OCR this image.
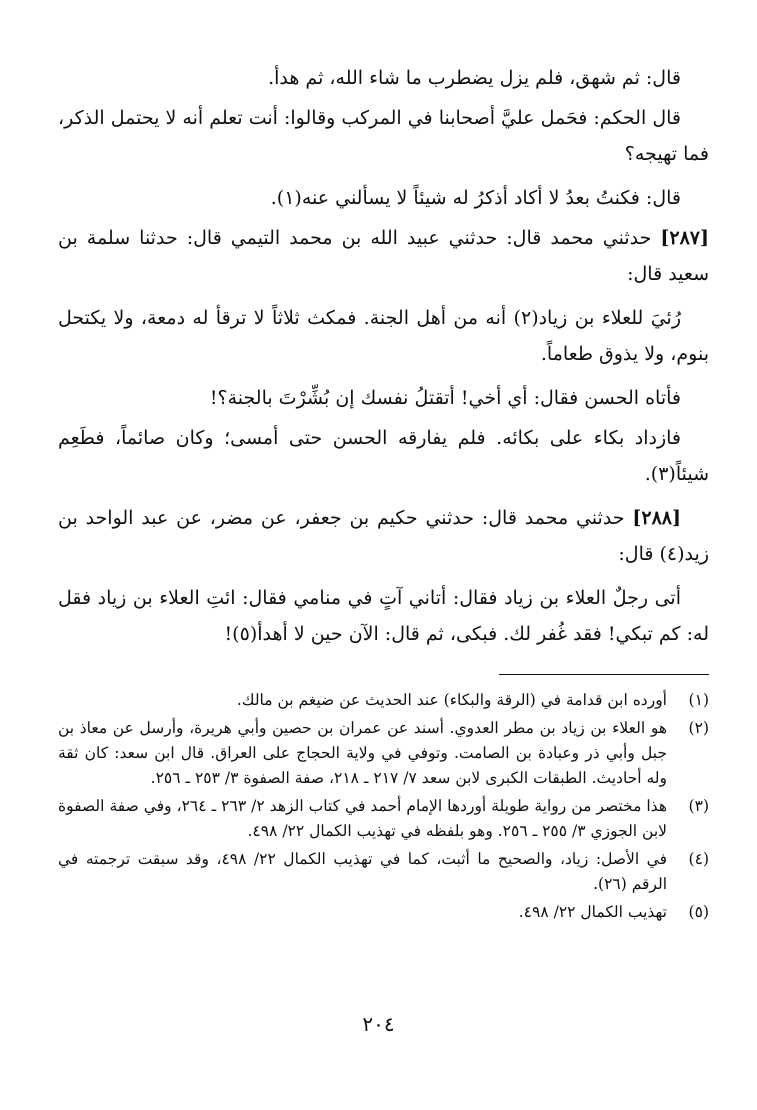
قال: ثم شهق، فلم يزل يضطرب ما شاء الله، ثم هدأ.

قال الحكم: فحَمل عليَّ أصحابنا في المركب وقالوا: أنت تعلم أنه لا يحتمل الذكر، فما تهيجه؟

قال: فكنتُ بعدُ لا أكاد أذكرُ له شيئاً لا يسألني عنه(١).

[٢٨٧] حدثني محمد قال: حدثني عبيد الله بن محمد التيمي قال: حدثنا سلمة بن سعيد قال:

رُئيَ للعلاء بن زياد(٢) أنه من أهل الجنة. فمكث ثلاثاً لا ترقأ له دمعة، ولا يكتحل بنوم، ولا يذوق طعاماً.

فأتاه الحسن فقال: أي أخي! أتقتلُ نفسك إن بُشِّرْتَ بالجنة؟!

فازداد بكاء على بكائه. فلم يفارقه الحسن حتى أمسى؛ وكان صائماً، فطَعِم شيئاً(٣).

[٢٨٨] حدثني محمد قال: حدثني حكيم بن جعفر، عن مضر، عن عبد الواحد بن زيد(٤) قال:

أتى رجلٌ العلاء بن زياد فقال: أتاني آتٍ في منامي فقال: ائتِ العلاء بن زياد فقل له: كم تبكي! فقد غُفر لك. فبكى، ثم قال: الآن حين لا أهدأ(٥)!

(١)
أورده ابن قدامة في (الرقة والبكاء) عند الحديث عن ضيغم بن مالك.
(٢)
هو العلاء بن زياد بن مطر العدوي. أسند عن عمران بن حصين وأبي هريرة، وأرسل عن معاذ بن جبل وأبي ذر وعبادة بن الصامت. وتوفي في ولاية الحجاج على العراق. قال ابن سعد: كان ثقة وله أحاديث. الطبقات الكبرى لابن سعد ٧/ ٢١٧ ـ ٢١٨، صفة الصفوة ٣/ ٢٥٣ ـ ٢٥٦.
(٣)
هذا مختصر من رواية طويلة أوردها الإمام أحمد في كتاب الزهد ٢/ ٢٦٣ ـ ٢٦٤، وفي صفة الصفوة لابن الجوزي ٣/ ٢٥٥ ـ ٢٥٦. وهو بلفظه في تهذيب الكمال ٢٢/ ٤٩٨.
(٤)
في الأصل: زياد، والصحيح ما أثبت، كما في تهذيب الكمال ٢٢/ ٤٩٨، وقد سبقت ترجمته في الرقم (٢٦).
(٥)
تهذيب الكمال ٢٢/ ٤٩٨.
٢٠٤
